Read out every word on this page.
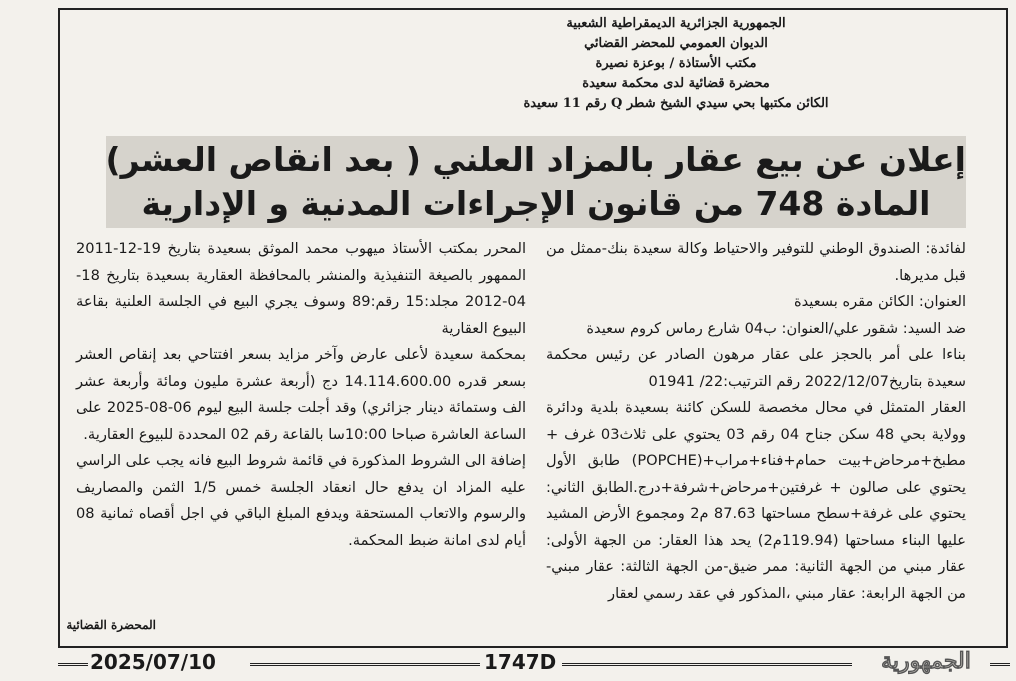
الجمهورية الجزائرية الديمقراطية الشعبية
الديوان العمومي للمحضر القضائي
مكتب الأستاذة / بوعزة نصيرة
محضرة قضائية لدى محكمة سعيدة
الكائن مكتبها بحي سيدي الشيخ شطر Q رقم 11 سعيدة
إعلان عن بيع عقار بالمزاد العلني ( بعد انقاص العشر)
المادة 748 من قانون الإجراءات المدنية و الإدارية

لفائدة: الصندوق الوطني للتوفير والاحتياط وكالة سعيدة بنك-ممثل من قبل مديرها.

العنوان: الكائن مقره بسعيدة

ضد السيد: شقور علي/العنوان: ب04 شارع رماس كروم سعيدة

بناءا على أمر بالحجز على عقار مرهون الصادر عن رئيس محكمة سعيدة بتاريخ2022/12/07 رقم الترتيب:22/ 01941

العقار المتمثل في محال مخصصة للسكن كائنة بسعيدة بلدية ودائرة وولاية بحي 48 سكن جناح 04 رقم 03 يحتوي على ثلاث03 غرف + مطبخ+مرحاض+بيت حمام+فناء+مراب+(POPCHE) طابق الأول يحتوي على صالون + غرفتين+مرحاض+شرفة+درج.الطابق الثاني: يحتوي على غرفة+سطح مساحتها 87.63 م2 ومجموع الأرض المشيد عليها البناء مساحتها (119.94م2) يحد هذا العقار: من الجهة الأولى: عقار مبني من الجهة الثانية: ممر ضيق-من الجهة الثالثة: عقار مبني-من الجهة الرابعة: عقار مبني ،المذكور في عقد رسمي لعقار

المحرر بمكتب الأستاذ ميهوب محمد الموثق بسعيدة بتاريخ 19-12-2011 الممهور بالصيغة التنفيذية والمنشر بالمحافظة العقارية بسعيدة بتاريخ 18-04-2012 مجلد:15 رقم:89 وسوف يجري البيع في الجلسة العلنية بقاعة البيوع العقارية

بمحكمة سعيدة لأعلى عارض وآخر مزايد بسعر افتتاحي بعد إنقاص العشر بسعر قدره 14.114.600.00 دج (أربعة عشرة مليون ومائة وأربعة عشر الف وستمائة دينار جزائري) وقد أجلت جلسة البيع ليوم 06-08-2025 على الساعة العاشرة صباحا 10:00سا بالقاعة رقم 02 المحددة للبيوع العقارية.

إضافة الى الشروط المذكورة في قائمة شروط البيع فانه يجب على الراسي عليه المزاد ان يدفع حال انعقاد الجلسة خمس 1/5 الثمن والمصاريف والرسوم والاتعاب المستحقة ويدفع المبلغ الباقي في اجل أقصاه ثمانية 08 أيام لدى امانة ضبط المحكمة.

المحضرة القضائية
2025/07/10	1747D	الجمهورية
